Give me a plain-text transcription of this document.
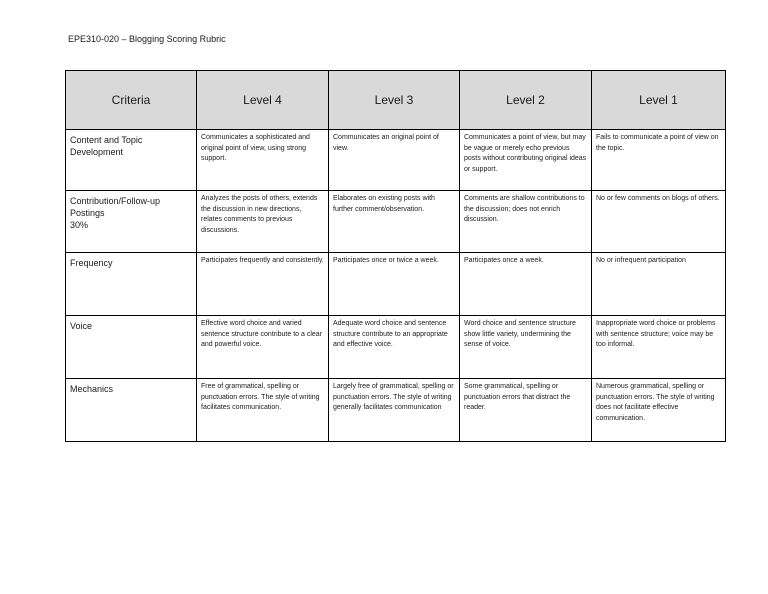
EPE310-020 – Blogging Scoring Rubric
Criteria	Level 4	Level 3	Level 2	Level 1

Content and Topic
Development	Communicates a sophisticated and original point of view, using strong support.	Communicates an original point of view.	Communicates a point of view, but may be vague or merely echo previous posts without contributing original ideas or support.	Fails to communicate a point of view on the topic.

Contribution/Follow-up
Postings
30%	Analyzes the posts of others, extends the discussion in new directions, relates comments to previous discussions.	Elaborates on existing posts with further comment/observation.	Comments are shallow contributions to the discussion; does not enrich discussion.	No or few comments on blogs of others.

Frequency	Participates frequently and consistently.	Participates once or twice a week.	Participates once a week.	No or infrequent participation

Voice	Effective word choice and varied sentence structure contribute to a clear and powerful voice.	Adequate word choice and sentence structure contribute to an appropriate and effective voice.	Word choice and sentence structure show little variety, undermining the sense of voice.	Inappropriate word choice or problems with sentence structure; voice may be too informal.

Mechanics	Free of grammatical, spelling or punctuation errors. The style of writing facilitates communication.	Largely free of grammatical, spelling or punctuation errors. The style of writing generally facilitates communication	Some grammatical, spelling or punctuation errors that distract the reader.	Numerous grammatical, spelling or punctuation errors. The style of writing does not facilitate effective communication.
